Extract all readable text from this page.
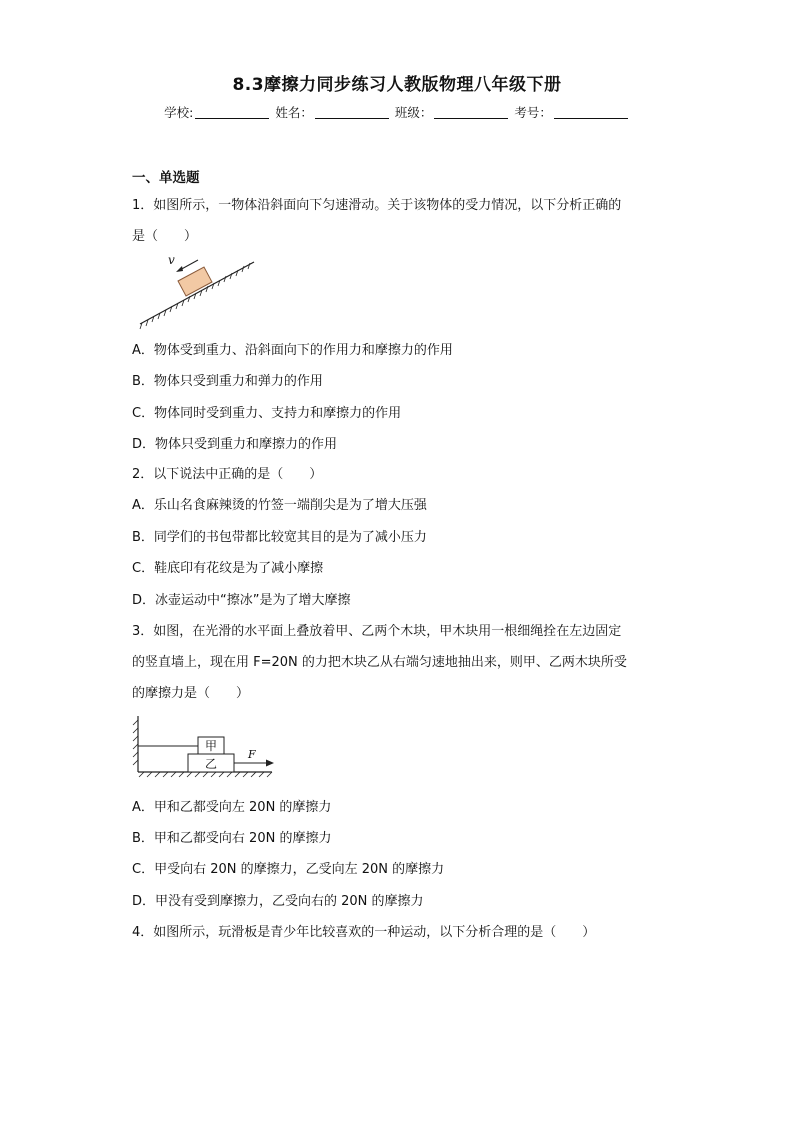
8.3摩擦力同步练习人教版物理八年级下册
学校:	姓名：	班级：	考号：
一、单选题
1．如图所示，一物体沿斜面向下匀速滑动。关于该物体的受力情况，以下分析正确的
是（　　）
v
A．物体受到重力、沿斜面向下的作用力和摩擦力的作用
B．物体只受到重力和弹力的作用
C．物体同时受到重力、支持力和摩擦力的作用
D．物体只受到重力和摩擦力的作用
2．以下说法中正确的是（　　）
A．乐山名食麻辣烫的竹签一端削尖是为了增大压强
B．同学们的书包带都比较宽其目的是为了减小压力
C．鞋底印有花纹是为了减小摩擦
D．冰壶运动中“擦冰”是为了增大摩擦
3．如图，在光滑的水平面上叠放着甲、乙两个木块，甲木块用一根细绳拴在左边固定
的竖直墙上，现在用 F=20N 的力把木块乙从右端匀速地抽出来，则甲、乙两木块所受
的摩擦力是（　　）
乙
甲
F
A．甲和乙都受向左 20N 的摩擦力
B．甲和乙都受向右 20N 的摩擦力
C．甲受向右 20N 的摩擦力，乙受向左 20N 的摩擦力
D．甲没有受到摩擦力，乙受向右的 20N 的摩擦力
4．如图所示，玩滑板是青少年比较喜欢的一种运动，以下分析合理的是（　　）
